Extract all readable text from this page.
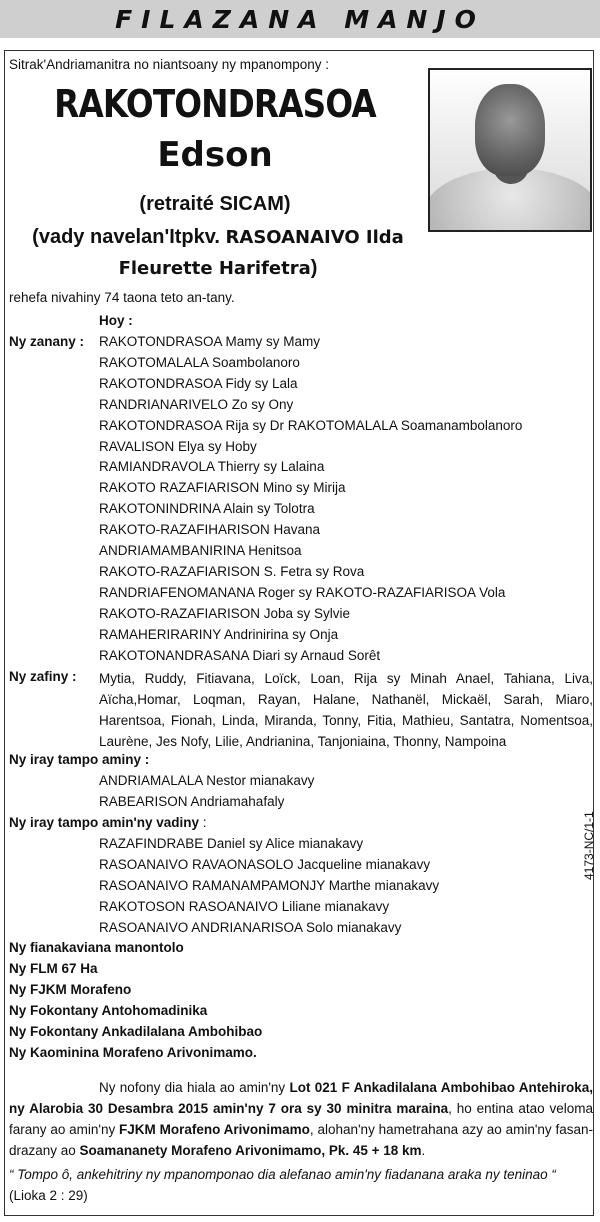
FILAZANA MANJO
Sitrak'Andriamanitra no niantsoany ny mpanompony :
RAKOTONDRASOA
Edson
(retraité SICAM)
(vady navelan'Itpkv. RASOANAIVO Ilda
Fleurette Harifetra)
rehefa nivahiny 74 taona teto an-tany.
Hoy :
Ny zanany : RAKOTONDRASOA Mamy sy Mamy
RAKOTOMALALA Soambolanoro
RAKOTONDRASOA Fidy sy Lala
RANDRIANARIVELO Zo sy Ony
RAKOTONDRASOA Rija sy Dr RAKOTOMALALA Soamanambolanoro
RAVALISON Elya sy Hoby
RAMIANDRAVOLA Thierry sy Lalaina
RAKOTO RAZAFIARISON Mino sy Mirija
RAKOTONINDRINA Alain sy Tolotra
RAKOTO-RAZAFIHARISON Havana
ANDRIAMAMBANIRINA Henitsoa
RAKOTO-RAZAFIARISON S. Fetra sy Rova
RANDRIAFENOMANANA Roger sy RAKOTO-RAZAFIARISOA Vola
RAKOTO-RAZAFIARISON Joba sy Sylvie
RAMAHERIRARINY Andrinirina sy Onja
RAKOTONANDRASANA Diari sy Arnaud Sorêt
Ny zafiny : Mytia, Ruddy, Fitiavana, Loïck, Loan, Rija sy Minah Anael, Tahiana, Liva, Aïcha,Homar, Loqman, Rayan, Halane, Nathanël, Mickaël, Sarah, Miaro, Harentsoa, Fionah, Linda, Miranda, Tonny, Fitia, Mathieu, Santatra, Nomentsoa, Laurène, Jes Nofy, Lilie, Andrianina, Tanjoniaina, Thonny, Nampoina
Ny iray tampo aminy :
ANDRIAMALALA Nestor mianakavy
RABEARISON Andriamahafaly
Ny iray tampo amin'ny vadiny :
RAZAFINDRABE Daniel sy Alice mianakavy
RASOANAIVO RAVAONASOLO Jacqueline mianakavy
RASOANAIVO RAMANAMPAMONJY Marthe mianakavy
RAKOTOSON RASOANAIVO Liliane mianakavy
RASOANAIVO ANDRIANARISOA Solo mianakavy
Ny fianakaviana manontolo
Ny FLM 67 Ha
Ny FJKM Morafeno
Ny Fokontany Antohomadinika
Ny Fokontany Ankadilalana Ambohibao
Ny Kaominina Morafeno Arivonimamo.
Ny nofony dia hiala ao amin'ny Lot 021 F Ankadilalana Ambohibao Antehiroka, ny Alarobia 30 Desambra 2015 amin'ny 7 ora sy 30 minitra maraina, ho entina atao veloma farany ao amin'ny FJKM Morafeno Arivonimamo, alohan'ny hametrahana azy ao amin'ny fasan-drazany ao Soamananety Morafeno Arivonimamo, Pk. 45 + 18 km.
“ Tompo ô, ankehitriny ny mpanomponao dia alefanao amin'ny fiadanana araka ny teninao “
(Lioka 2 : 29)
4173-NC/1-1
